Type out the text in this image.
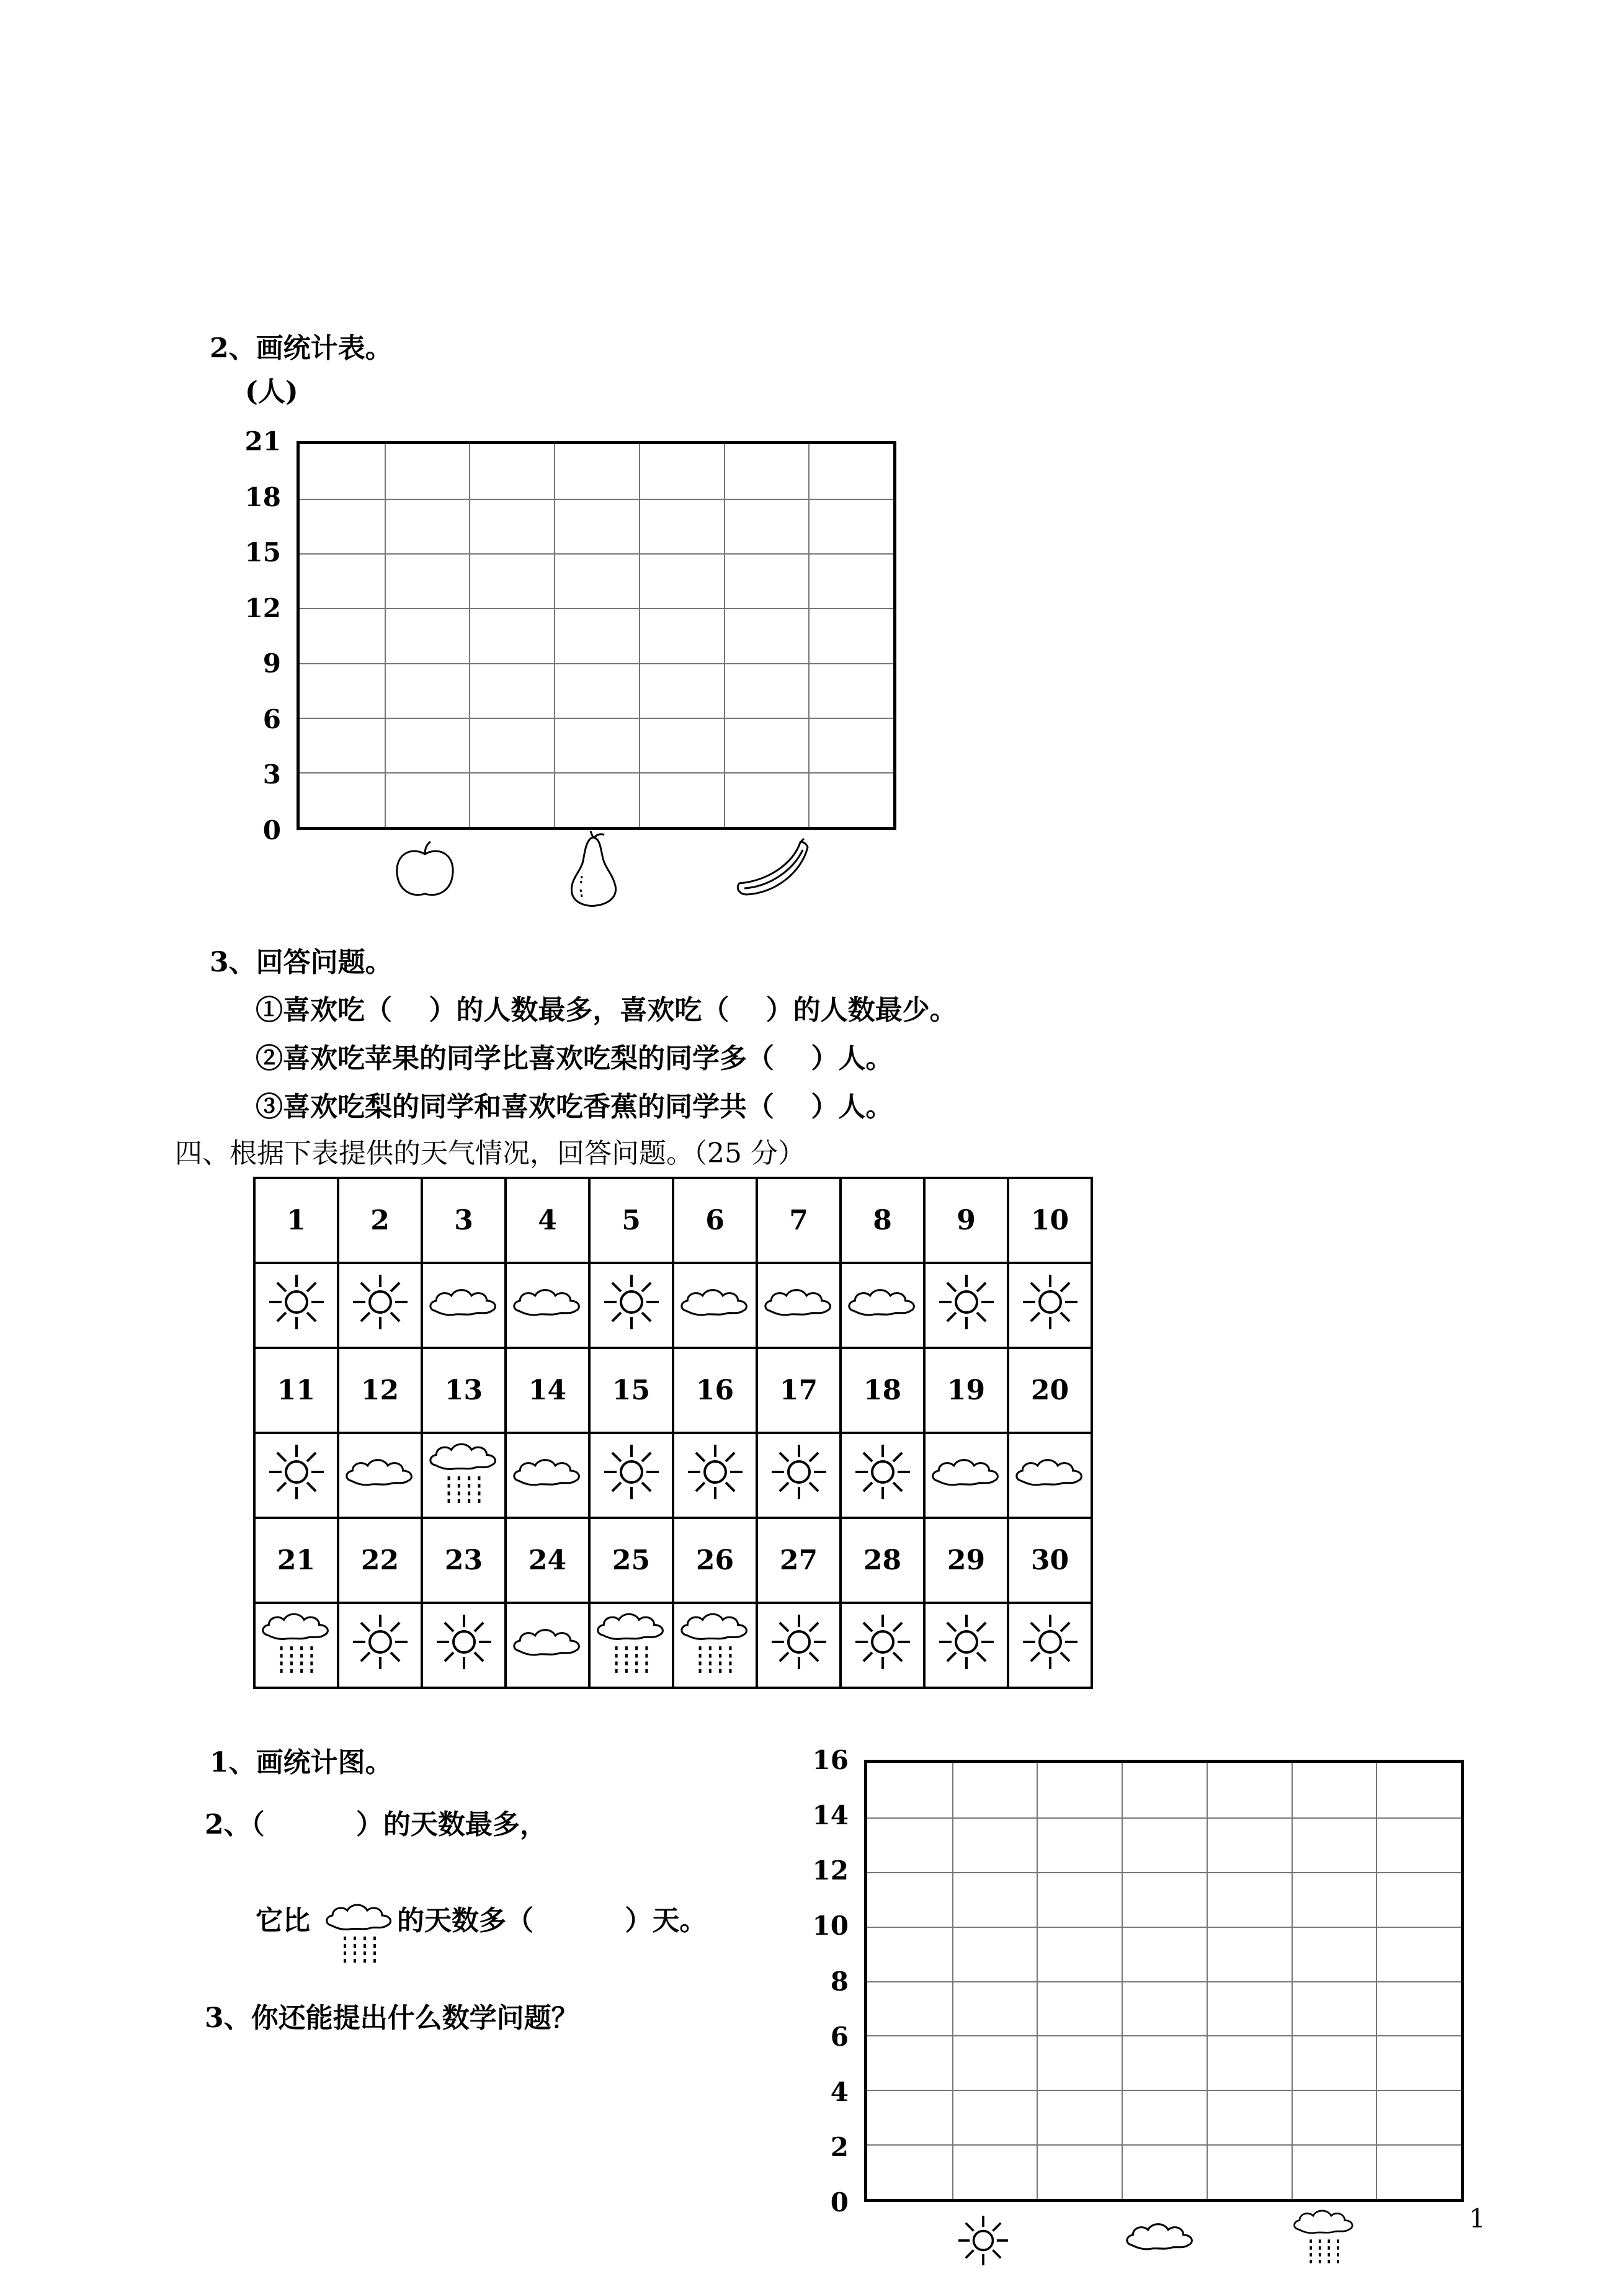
2、画统计表。
(人)
21
18
15
12
9
6
3
0
3、回答问题。
①喜欢吃（　 ）的人数最多，喜欢吃（　 ）的人数最少。
②喜欢吃苹果的同学比喜欢吃梨的同学多（　 ）人。
③喜欢吃梨的同学和喜欢吃香蕉的同学共（　 ）人。
四、根据下表提供的天气情况，回答问题。（25 分）
1	2	3	4	5	6	7	8	9	10

11	12	13	14	15	16	17	18	19	20

21	22	23	24	25	26	27	28	29	30

1、画统计图。
2、（　　　 ）的天数最多，
它比	的天数多（　　　 ）天。
3、你还能提出什么数学问题？
16
14
12
10
8
6
4
2
0
1
